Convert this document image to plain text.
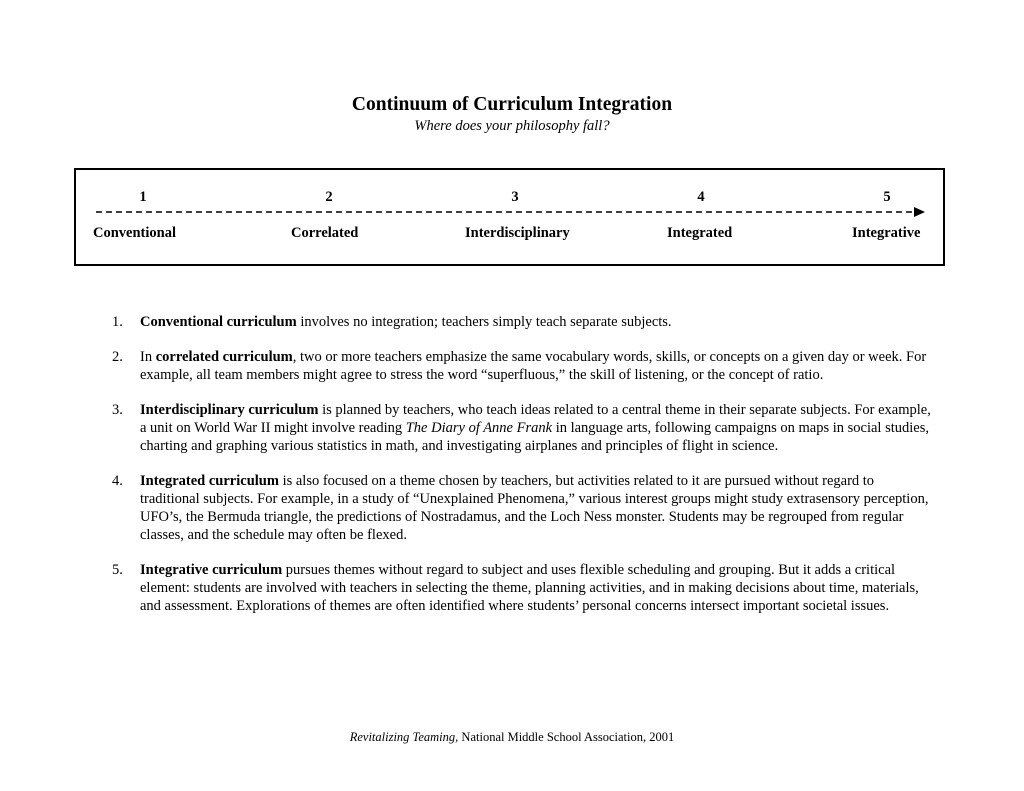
Continuum of Curriculum Integration
Where does your philosophy fall?
1	2	3	4	5
Conventional	Correlated	Interdisciplinary	Integrated	Integrative
1. Conventional curriculum involves no integration; teachers simply teach separate subjects.
2. In correlated curriculum, two or more teachers emphasize the same vocabulary words, skills, or concepts on a given day or week. For example, all team members might agree to stress the word “superfluous,” the skill of listening, or the concept of ratio.
3. Interdisciplinary curriculum is planned by teachers, who teach ideas related to a central theme in their separate subjects. For example, a unit on World War II might involve reading The Diary of Anne Frank in language arts, following campaigns on maps in social studies, charting and graphing various statistics in math, and investigating airplanes and principles of flight in science.
4. Integrated curriculum is also focused on a theme chosen by teachers, but activities related to it are pursued without regard to traditional subjects. For example, in a study of “Unexplained Phenomena,” various interest groups might study extrasensory perception, UFO’s, the Bermuda triangle, the predictions of Nostradamus, and the Loch Ness monster. Students may be regrouped from regular classes, and the schedule may often be flexed.
5. Integrative curriculum pursues themes without regard to subject and uses flexible scheduling and grouping. But it adds a critical element: students are involved with teachers in selecting the theme, planning activities, and in making decisions about time, materials, and assessment. Explorations of themes are often identified where students’ personal concerns intersect important societal issues.
Revitalizing Teaming, National Middle School Association, 2001
